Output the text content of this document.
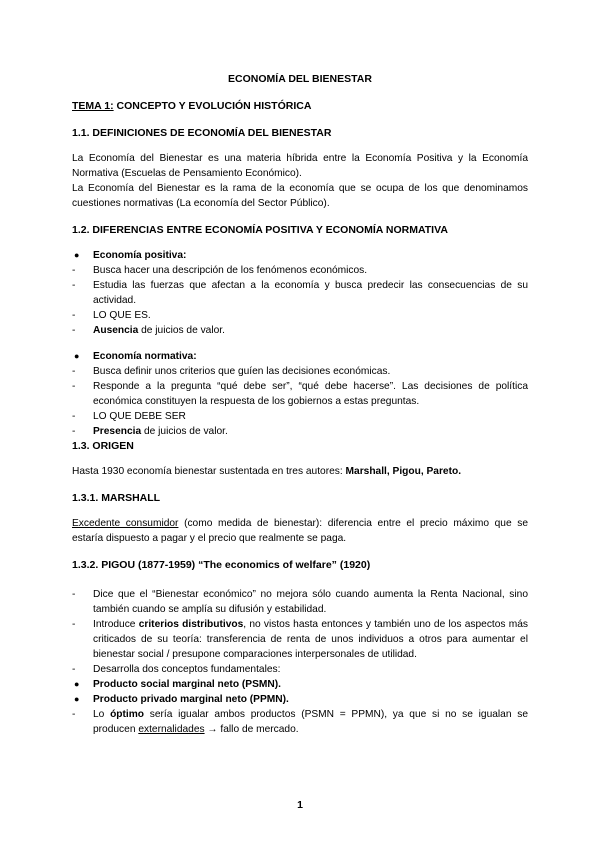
ECONOMÍA DEL BIENESTAR
TEMA 1: CONCEPTO Y EVOLUCIÓN HISTÓRICA
1.1. DEFINICIONES DE ECONOMÍA DEL BIENESTAR

La Economía del Bienestar es una materia híbrida entre la Economía Positiva y la Economía Normativa (Escuelas de Pensamiento Económico).

La Economía del Bienestar es la rama de la economía que se ocupa de los que denominamos cuestiones normativas (La economía del Sector Público).

1.2. DIFERENCIAS ENTRE ECONOMÍA POSITIVA Y ECONOMÍA NORMATIVA
●	Economía positiva:
-	Busca hacer una descripción de los fenómenos económicos.
-	Estudia las fuerzas que afectan a la economía y busca predecir las consecuencias de su actividad.
-	LO QUE ES.
-	Ausencia de juicios de valor.
●	Economía normativa:
-	Busca definir unos criterios que guíen las decisiones económicas.
-	Responde a la pregunta “qué debe ser”, “qué debe hacerse”. Las decisiones de política económica constituyen la respuesta de los gobiernos a estas preguntas.
-	LO QUE DEBE SER
-	Presencia de juicios de valor.
1.3. ORIGEN

Hasta 1930 economía bienestar sustentada en tres autores: Marshall, Pigou, Pareto.

1.3.1. MARSHALL

Excedente consumidor (como medida de bienestar): diferencia entre el precio máximo que se estaría dispuesto a pagar y el precio que realmente se paga.

1.3.2. PIGOU (1877-1959) “The economics of welfare” (1920)
-	Dice que el “Bienestar económico” no mejora sólo cuando aumenta la Renta Nacional, sino también cuando se amplía su difusión y estabilidad.
-	Introduce criterios distributivos, no vistos hasta entonces y también uno de los aspectos más criticados de su teoría: transferencia de renta de unos individuos a otros para aumentar el bienestar social / presupone comparaciones interpersonales de utilidad.
-	Desarrolla dos conceptos fundamentales:
●	Producto social marginal neto (PSMN).
●	Producto privado marginal neto (PPMN).
-	Lo óptimo sería igualar ambos productos (PSMN = PPMN), ya que si no se igualan se producen externalidades → fallo de mercado.
1
